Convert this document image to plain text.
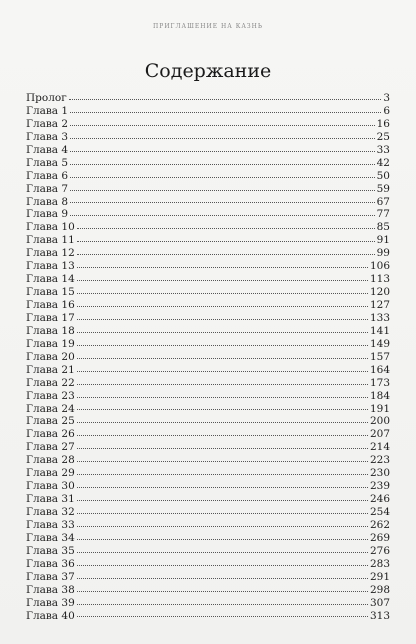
ПРИГЛАШЕНИЕ НА КАЗНЬ
Содержание
Пролог	3
Глава 1	6
Глава 2	16
Глава 3	25
Глава 4	33
Глава 5	42
Глава 6	50
Глава 7	59
Глава 8	67
Глава 9	77
Глава 10	85
Глава 11	91
Глава 12	99
Глава 13	106
Глава 14	113
Глава 15	120
Глава 16	127
Глава 17	133
Глава 18	141
Глава 19	149
Глава 20	157
Глава 21	164
Глава 22	173
Глава 23	184
Глава 24	191
Глава 25	200
Глава 26	207
Глава 27	214
Глава 28	223
Глава 29	230
Глава 30	239
Глава 31	246
Глава 32	254
Глава 33	262
Глава 34	269
Глава 35	276
Глава 36	283
Глава 37	291
Глава 38	298
Глава 39	307
Глава 40	313
